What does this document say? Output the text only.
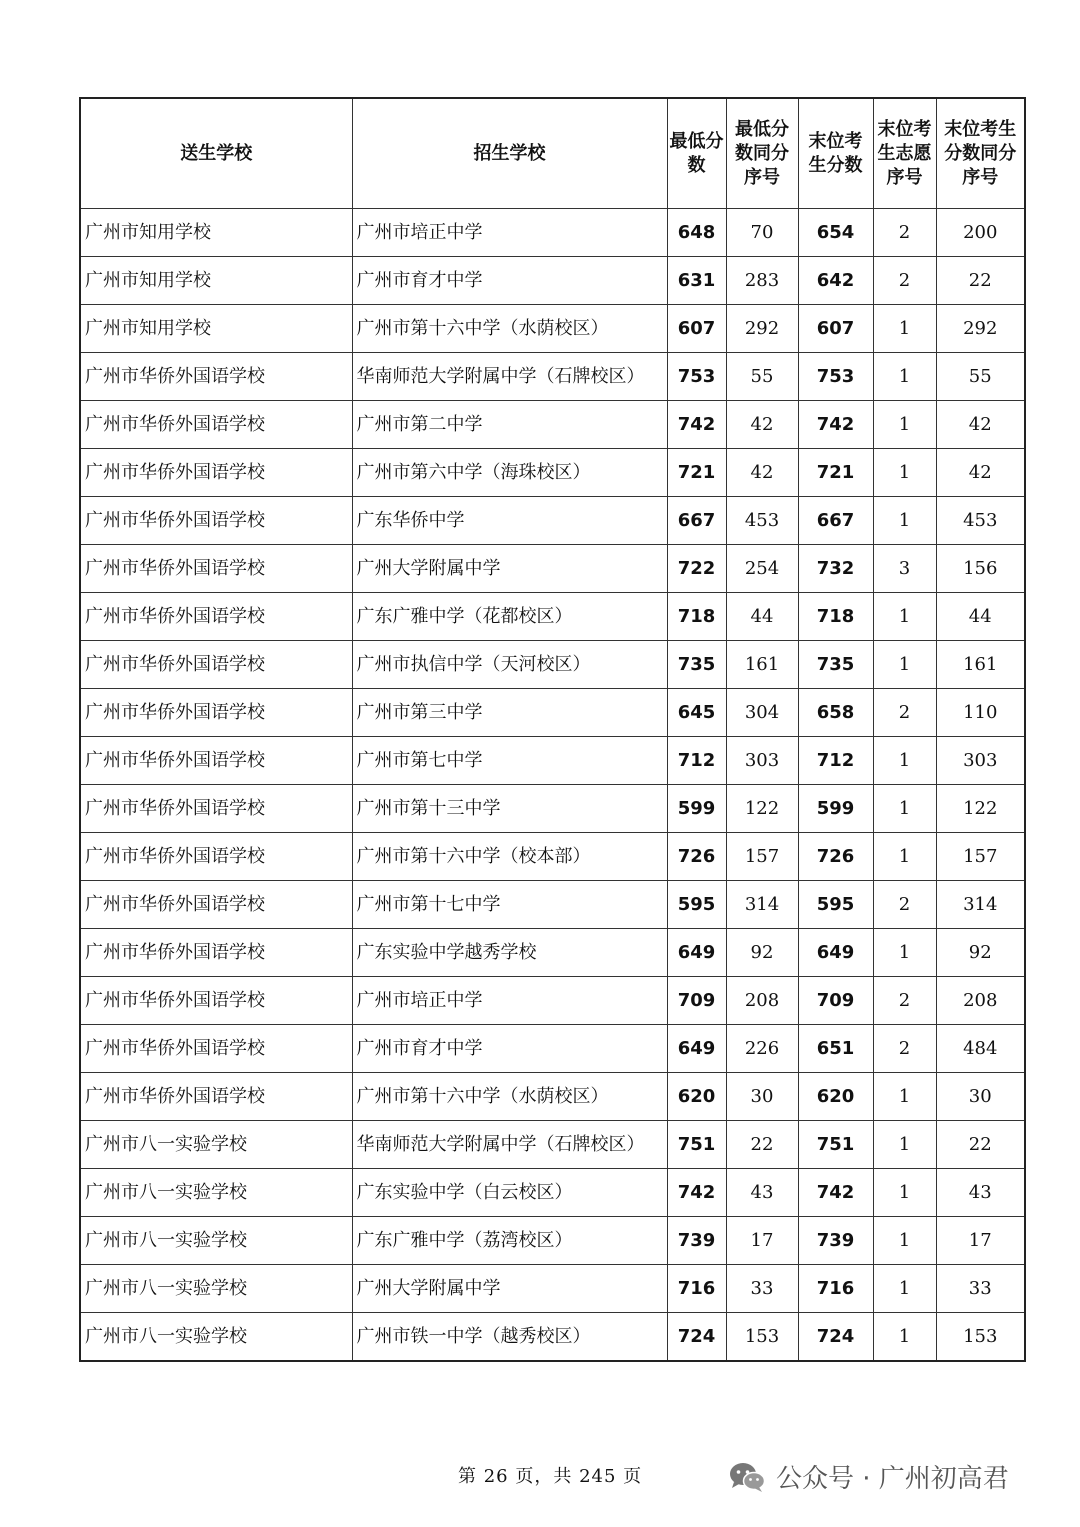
送生学校	招生学校	最低分数	最低分数同分序号	末位考生分数	末位考生志愿序号	末位考生分数同分序号

广州市知用学校	广州市培正中学	648	70	654	2	200
广州市知用学校	广州市育才中学	631	283	642	2	22
广州市知用学校	广州市第十六中学（水荫校区）	607	292	607	1	292
广州市华侨外国语学校	华南师范大学附属中学（石牌校区）	753	55	753	1	55
广州市华侨外国语学校	广州市第二中学	742	42	742	1	42
广州市华侨外国语学校	广州市第六中学（海珠校区）	721	42	721	1	42
广州市华侨外国语学校	广东华侨中学	667	453	667	1	453
广州市华侨外国语学校	广州大学附属中学	722	254	732	3	156
广州市华侨外国语学校	广东广雅中学（花都校区）	718	44	718	1	44
广州市华侨外国语学校	广州市执信中学（天河校区）	735	161	735	1	161
广州市华侨外国语学校	广州市第三中学	645	304	658	2	110
广州市华侨外国语学校	广州市第七中学	712	303	712	1	303
广州市华侨外国语学校	广州市第十三中学	599	122	599	1	122
广州市华侨外国语学校	广州市第十六中学（校本部）	726	157	726	1	157
广州市华侨外国语学校	广州市第十七中学	595	314	595	2	314
广州市华侨外国语学校	广东实验中学越秀学校	649	92	649	1	92
广州市华侨外国语学校	广州市培正中学	709	208	709	2	208
广州市华侨外国语学校	广州市育才中学	649	226	651	2	484
广州市华侨外国语学校	广州市第十六中学（水荫校区）	620	30	620	1	30
广州市八一实验学校	华南师范大学附属中学（石牌校区）	751	22	751	1	22
广州市八一实验学校	广东实验中学（白云校区）	742	43	742	1	43
广州市八一实验学校	广东广雅中学（荔湾校区）	739	17	739	1	17
广州市八一实验学校	广州大学附属中学	716	33	716	1	33
广州市八一实验学校	广州市铁一中学（越秀校区）	724	153	724	1	153
第 26 页，共 245 页	公众号 · 广州初高君
